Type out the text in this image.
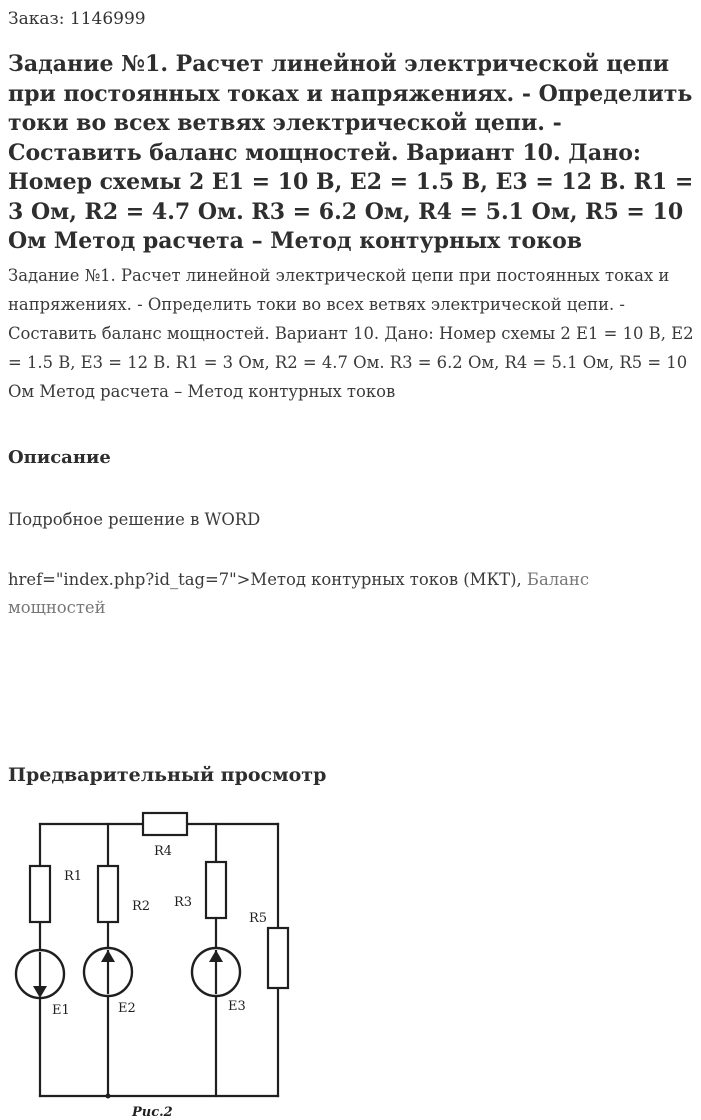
Заказ: 1146999
Задание №1. Расчет линейной электрической цепи при постоянных токах и напряжениях. - Определить токи во всех ветвях электрической цепи. - Составить баланс мощностей. Вариант 10. Дано: Номер схемы 2 E1 = 10 В, E2 = 1.5 В, E3 = 12 В. R1 = 3 Ом, R2 = 4.7 Ом. R3 = 6.2 Ом, R4 = 5.1 Ом, R5 = 10 Ом Метод расчета – Метод контурных токов
Задание №1. Расчет линейной электрической цепи при постоянных токах и напряжениях. - Определить токи во всех ветвях электрической цепи. - Составить баланс мощностей. Вариант 10. Дано: Номер схемы 2 E1 = 10 В, E2 = 1.5 В, E3 = 12 В. R1 = 3 Ом, R2 = 4.7 Ом. R3 = 6.2 Ом, R4 = 5.1 Ом, R5 = 10 Ом Метод расчета – Метод контурных токов
Описание
Подробное решение в WORD
href="index.php?id_tag=7">Метод контурных токов (МКТ), Баланс мощностей
Предварительный просмотр
R4
R1
R2 R3
R5
E1	E2	E3
Рис.2
